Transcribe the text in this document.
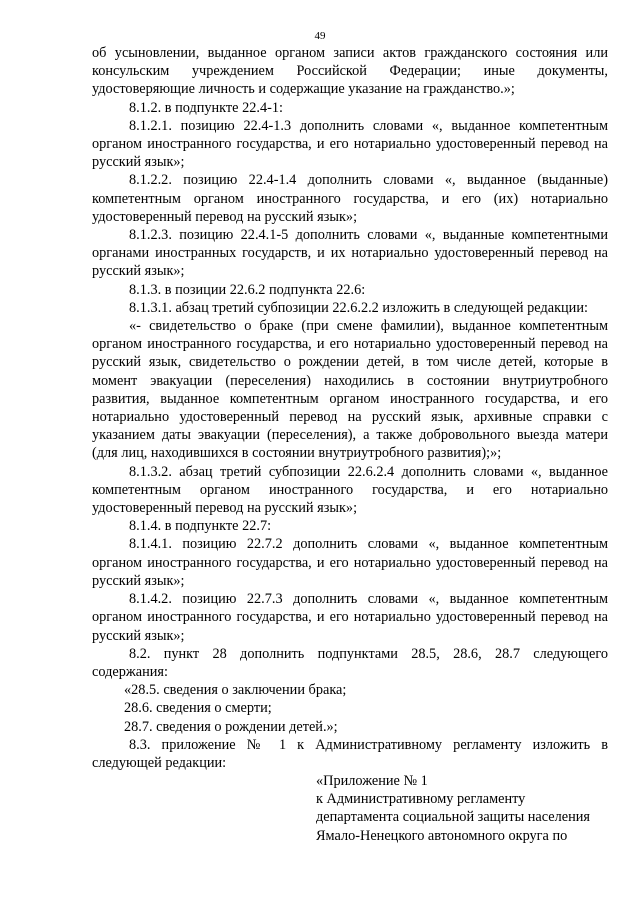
49

об усыновлении, выданное органом записи актов гражданского состояния или консульским учреждением Российской Федерации; иные документы, удостоверяющие личность и содержащие указание на гражданство.»;

8.1.2. в подпункте 22.4-1:

8.1.2.1. позицию 22.4-1.3 дополнить словами «, выданное компетентным органом иностранного государства, и его нотариально удостоверенный перевод на русский язык»;

8.1.2.2. позицию 22.4-1.4 дополнить словами «, выданное (выданные) компетентным органом иностранного государства, и его (их) нотариально удостоверенный перевод на русский язык»;

8.1.2.3. позицию 22.4.1-5 дополнить словами «, выданные компетентными органами иностранных государств, и их нотариально удостоверенный перевод на русский язык»;

8.1.3. в позиции 22.6.2 подпункта 22.6:

8.1.3.1. абзац третий субпозиции 22.6.2.2 изложить в следующей редакции:

«- свидетельство о браке (при смене фамилии), выданное компетентным органом иностранного государства, и его нотариально удостоверенный перевод на русский язык, свидетельство о рождении детей, в том числе детей, которые в момент эвакуации (переселения) находились в состоянии внутриутробного развития, выданное компетентным органом иностранного государства, и его нотариально удостоверенный перевод на русский язык, архивные справки с указанием даты эвакуации (переселения), а также добровольного выезда матери (для лиц, находившихся в состоянии внутриутробного развития);»;

8.1.3.2. абзац третий субпозиции 22.6.2.4 дополнить словами «, выданное компетентным органом иностранного государства, и его нотариально удостоверенный перевод на русский язык»;

8.1.4. в подпункте 22.7:

8.1.4.1. позицию 22.7.2 дополнить словами «, выданное компетентным органом иностранного государства, и его нотариально удостоверенный перевод на русский язык»;

8.1.4.2. позицию 22.7.3 дополнить словами «, выданное компетентным органом иностранного государства, и его нотариально удостоверенный перевод на русский язык»;

8.2. пункт 28 дополнить подпунктами 28.5, 28.6, 28.7 следующего содержания:

«28.5. сведения о заключении брака;

28.6. сведения о смерти;

28.7. сведения о рождении детей.»;

8.3. приложение № 1 к Административному регламенту изложить в следующей редакции:

«Приложение № 1

к Административному регламенту

департамента социальной защиты населения

Ямало-Ненецкого автономного округа по
